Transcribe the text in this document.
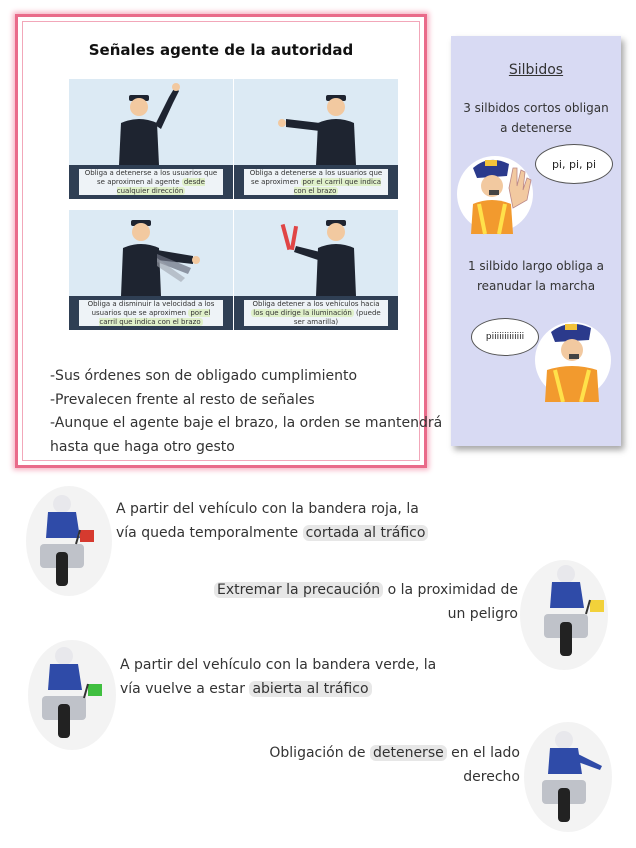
Señales agente de la autoridad
Obliga a detenerse a los usuarios que se aproximen al agente desde cualquier dirección
Obliga a detenerse a los usuarios que se aproximen por el carril que indica con el brazo
Obliga a disminuir la velocidad a los usuarios que se aproximen por el carril que indica con el brazo
Obliga detener a los vehículos hacia los que dirige la iluminación (puede ser amarilla)
-Sus órdenes son de obligado cumplimiento
-Prevalecen frente al resto de señales
-Aunque el agente baje el brazo, la orden se mantendrá
hasta que haga otro gesto
Silbidos
3 silbidos cortos obligan a detenerse
pi, pi, pi
1 silbido largo obliga a reanudar la marcha
piiiiiiiiiiiii
A partir del vehículo con la bandera roja, la vía queda temporalmente cortada al tráfico
Extremar la precaución o la proximidad de un peligro
A partir del vehículo con la bandera verde, la vía vuelve a estar abierta al tráfico
Obligación de detenerse en el lado derecho
